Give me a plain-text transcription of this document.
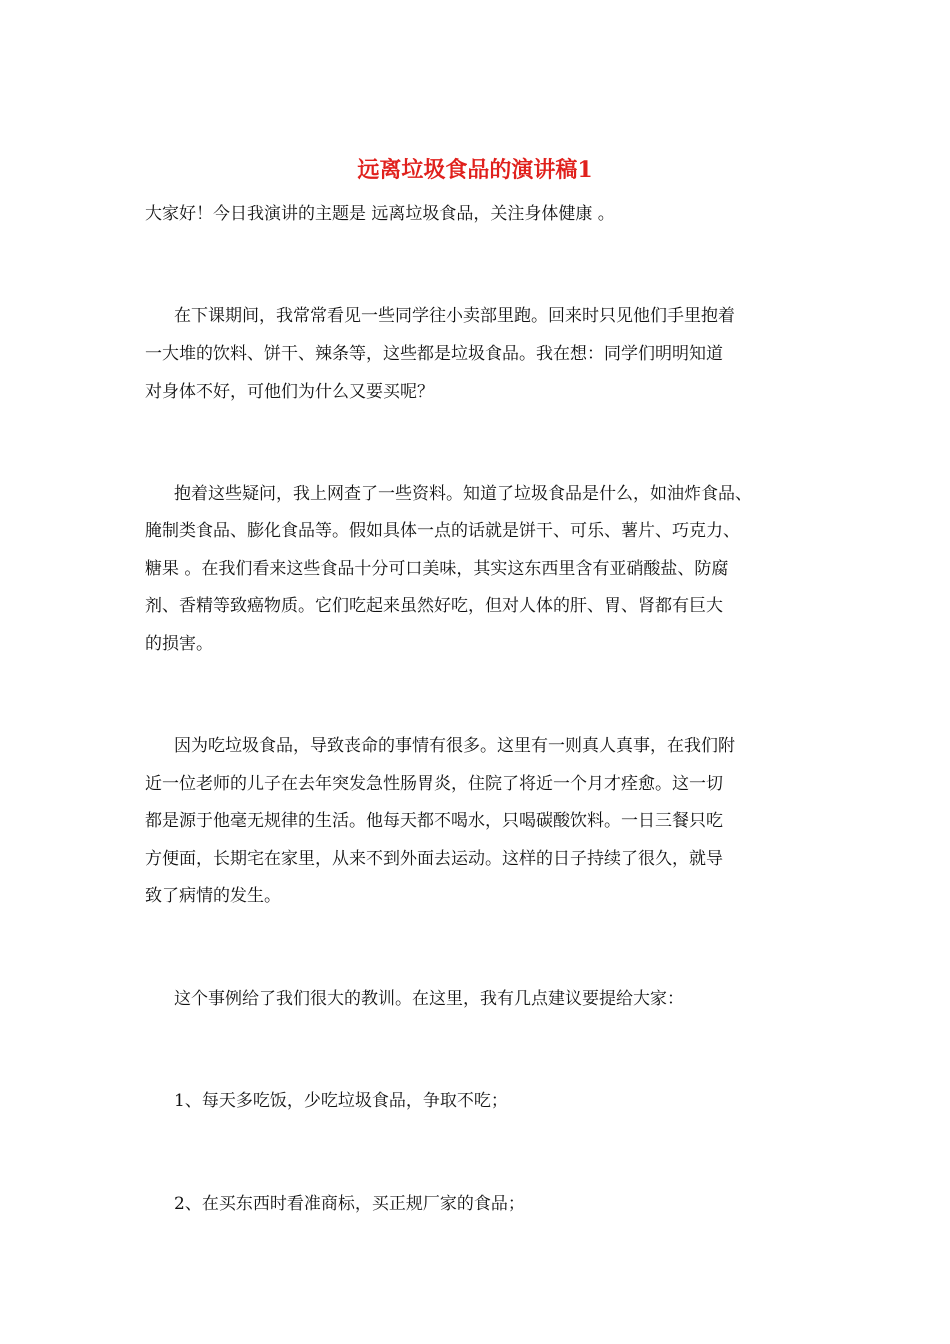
远离垃圾食品的演讲稿1

大家好！今日我演讲的主题是 远离垃圾食品，关注身体健康 。

在下课期间，我常常看见一些同学往小卖部里跑。回来时只见他们手里抱着

一大堆的饮料、饼干、辣条等，这些都是垃圾食品。我在想：同学们明明知道

对身体不好，可他们为什么又要买呢？

抱着这些疑问，我上网查了一些资料。知道了垃圾食品是什么，如油炸食品、

腌制类食品、膨化食品等。假如具体一点的话就是饼干、可乐、薯片、巧克力、

糖果 。在我们看来这些食品十分可口美味，其实这东西里含有亚硝酸盐、防腐

剂、香精等致癌物质。它们吃起来虽然好吃，但对人体的肝、胃、肾都有巨大

的损害。

因为吃垃圾食品，导致丧命的事情有很多。这里有一则真人真事，在我们附

近一位老师的儿子在去年突发急性肠胃炎，住院了将近一个月才痊愈。这一切

都是源于他毫无规律的生活。他每天都不喝水，只喝碳酸饮料。一日三餐只吃

方便面，长期宅在家里，从来不到外面去运动。这样的日子持续了很久，就导

致了病情的发生。

这个事例给了我们很大的教训。在这里，我有几点建议要提给大家：

1、每天多吃饭，少吃垃圾食品，争取不吃；

2、在买东西时看准商标，买正规厂家的食品；
